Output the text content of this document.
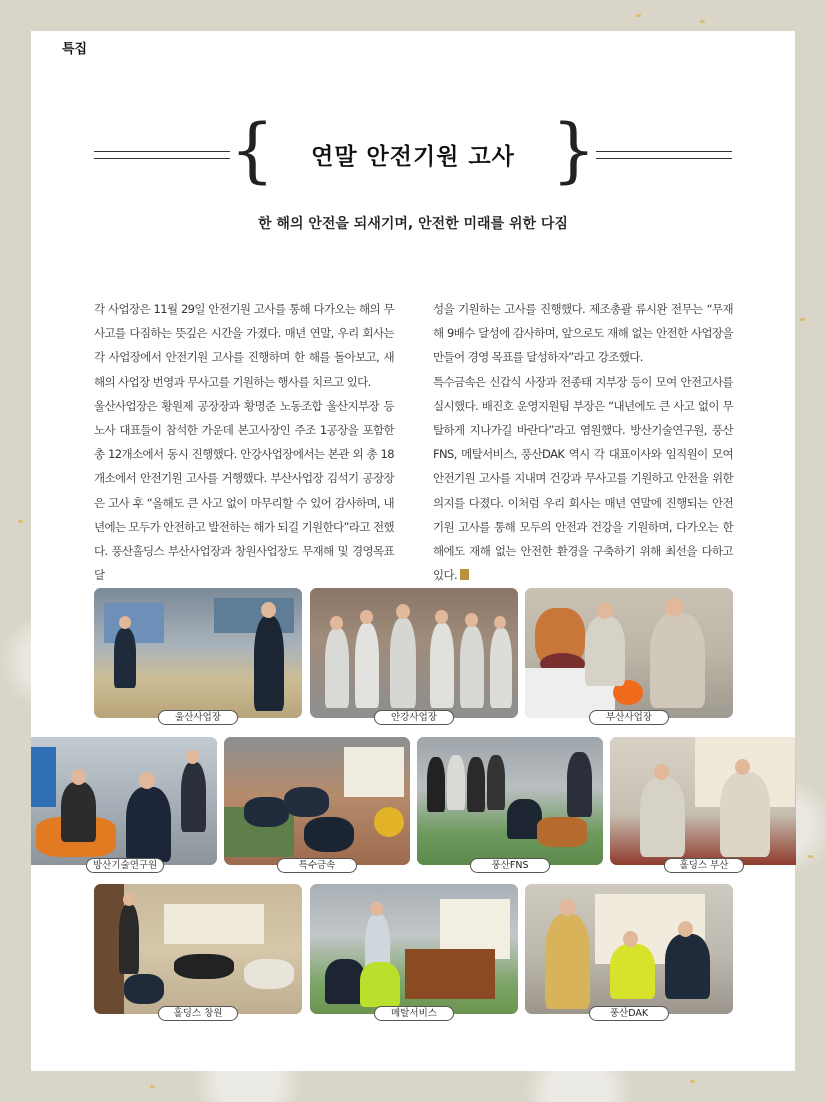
특집
{	연말 안전기원 고사 }
한 해의 안전을 되새기며, 안전한 미래를 위한 다짐

각 사업장은 11월 29일 안전기원 고사를 통해 다가오는 해의 무사고를 다짐하는 뜻깊은 시간을 가졌다. 매년 연말, 우리 회사는 각 사업장에서 안전기원 고사를 진행하며 한 해를 돌아보고, 새해의 사업장 번영과 무사고를 기원하는 행사를 치르고 있다.

울산사업장은 황원제 공장장과 황명준 노동조합 울산지부장 등 노사 대표들이 참석한 가운데 본고사장인 주조 1공장을 포함한 총 12개소에서 동시 진행했다. 안강사업장에서는 본관 외 총 18개소에서 안전기원 고사를 거행했다. 부산사업장 김석기 공장장은 고사 후 “올해도 큰 사고 없이 마무리할 수 있어 감사하며, 내년에는 모두가 안전하고 발전하는 해가 되길 기원한다”라고 전했다. 풍산홀딩스 부산사업장과 창원사업장도 무재해 및 경영목표 달

성을 기원하는 고사를 진행했다. 제조총괄 류시완 전무는 “무재해 9배수 달성에 감사하며, 앞으로도 재해 없는 안전한 사업장을 만들어 경영 목표를 달성하자”라고 강조했다.

특수금속은 신갑식 사장과 전종태 지부장 등이 모여 안전고사를 실시했다. 배진호 운영지원팀 부장은 “내년에도 큰 사고 없이 무탈하게 지나가길 바란다”라고 염원했다. 방산기술연구원, 풍산FNS, 메탈서비스, 풍산DAK 역시 각 대표이사와 임직원이 모여 안전기원 고사를 지내며 건강과 무사고를 기원하고 안전을 위한 의지를 다졌다. 이처럼 우리 회사는 매년 연말에 진행되는 안전기원 고사를 통해 모두의 안전과 건강을 기원하며, 다가오는 한 해에도 재해 없는 안전한 환경을 구축하기 위해 최선을 다하고 있다.

울산사업장	안강사업장	부산사업장
방산기술연구원	특수금속	풍산FNS	홀딩스 부산
홀딩스 창원	메탈서비스	풍산DAK
